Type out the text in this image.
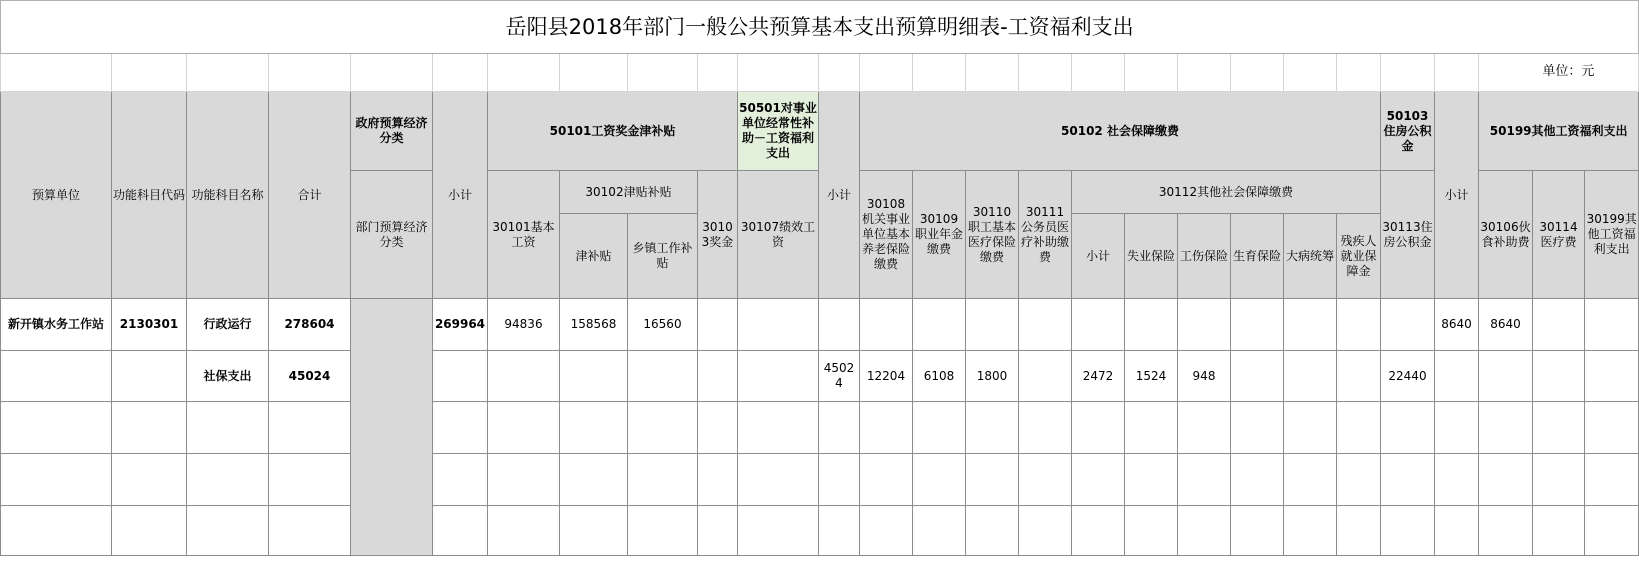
岳阳县2018年部门一般公共预算基本支出预算明细表-工资福利支出																										
																								单位：元		
预算单位	功能科目代码	功能科目名称	合计	政府预算经济分类	小计	50101工资奖金津补贴				50501对事业单位经常性补助－工资福利支出	小计	50102 社会保障缴费										50103住房公积金	小计	50199其他工资福利支出		
				部门预算经济分类		30101基本工资	30102津贴补贴		30103奖金	30107绩效工资		30108机关事业单位基本养老保险缴费	30109职业年金缴费	30110职工基本医疗保险缴费	30111公务员医疗补助缴费	30112其他社会保障缴费						30113住房公积金		30106伙食补助费	30114医疗费	30199其他工资福利支出
							津补贴	乡镇工作补贴								小计	失业保险	工伤保险	生育保险	大病统筹	残疾人就业保障金					
新开镇水务工作站	2130301	行政运行	278604		269964	94836	158568	16560															8640	8640		
		社保支出	45024								45024	12204	6108	1800		2472	1524	948				22440				
